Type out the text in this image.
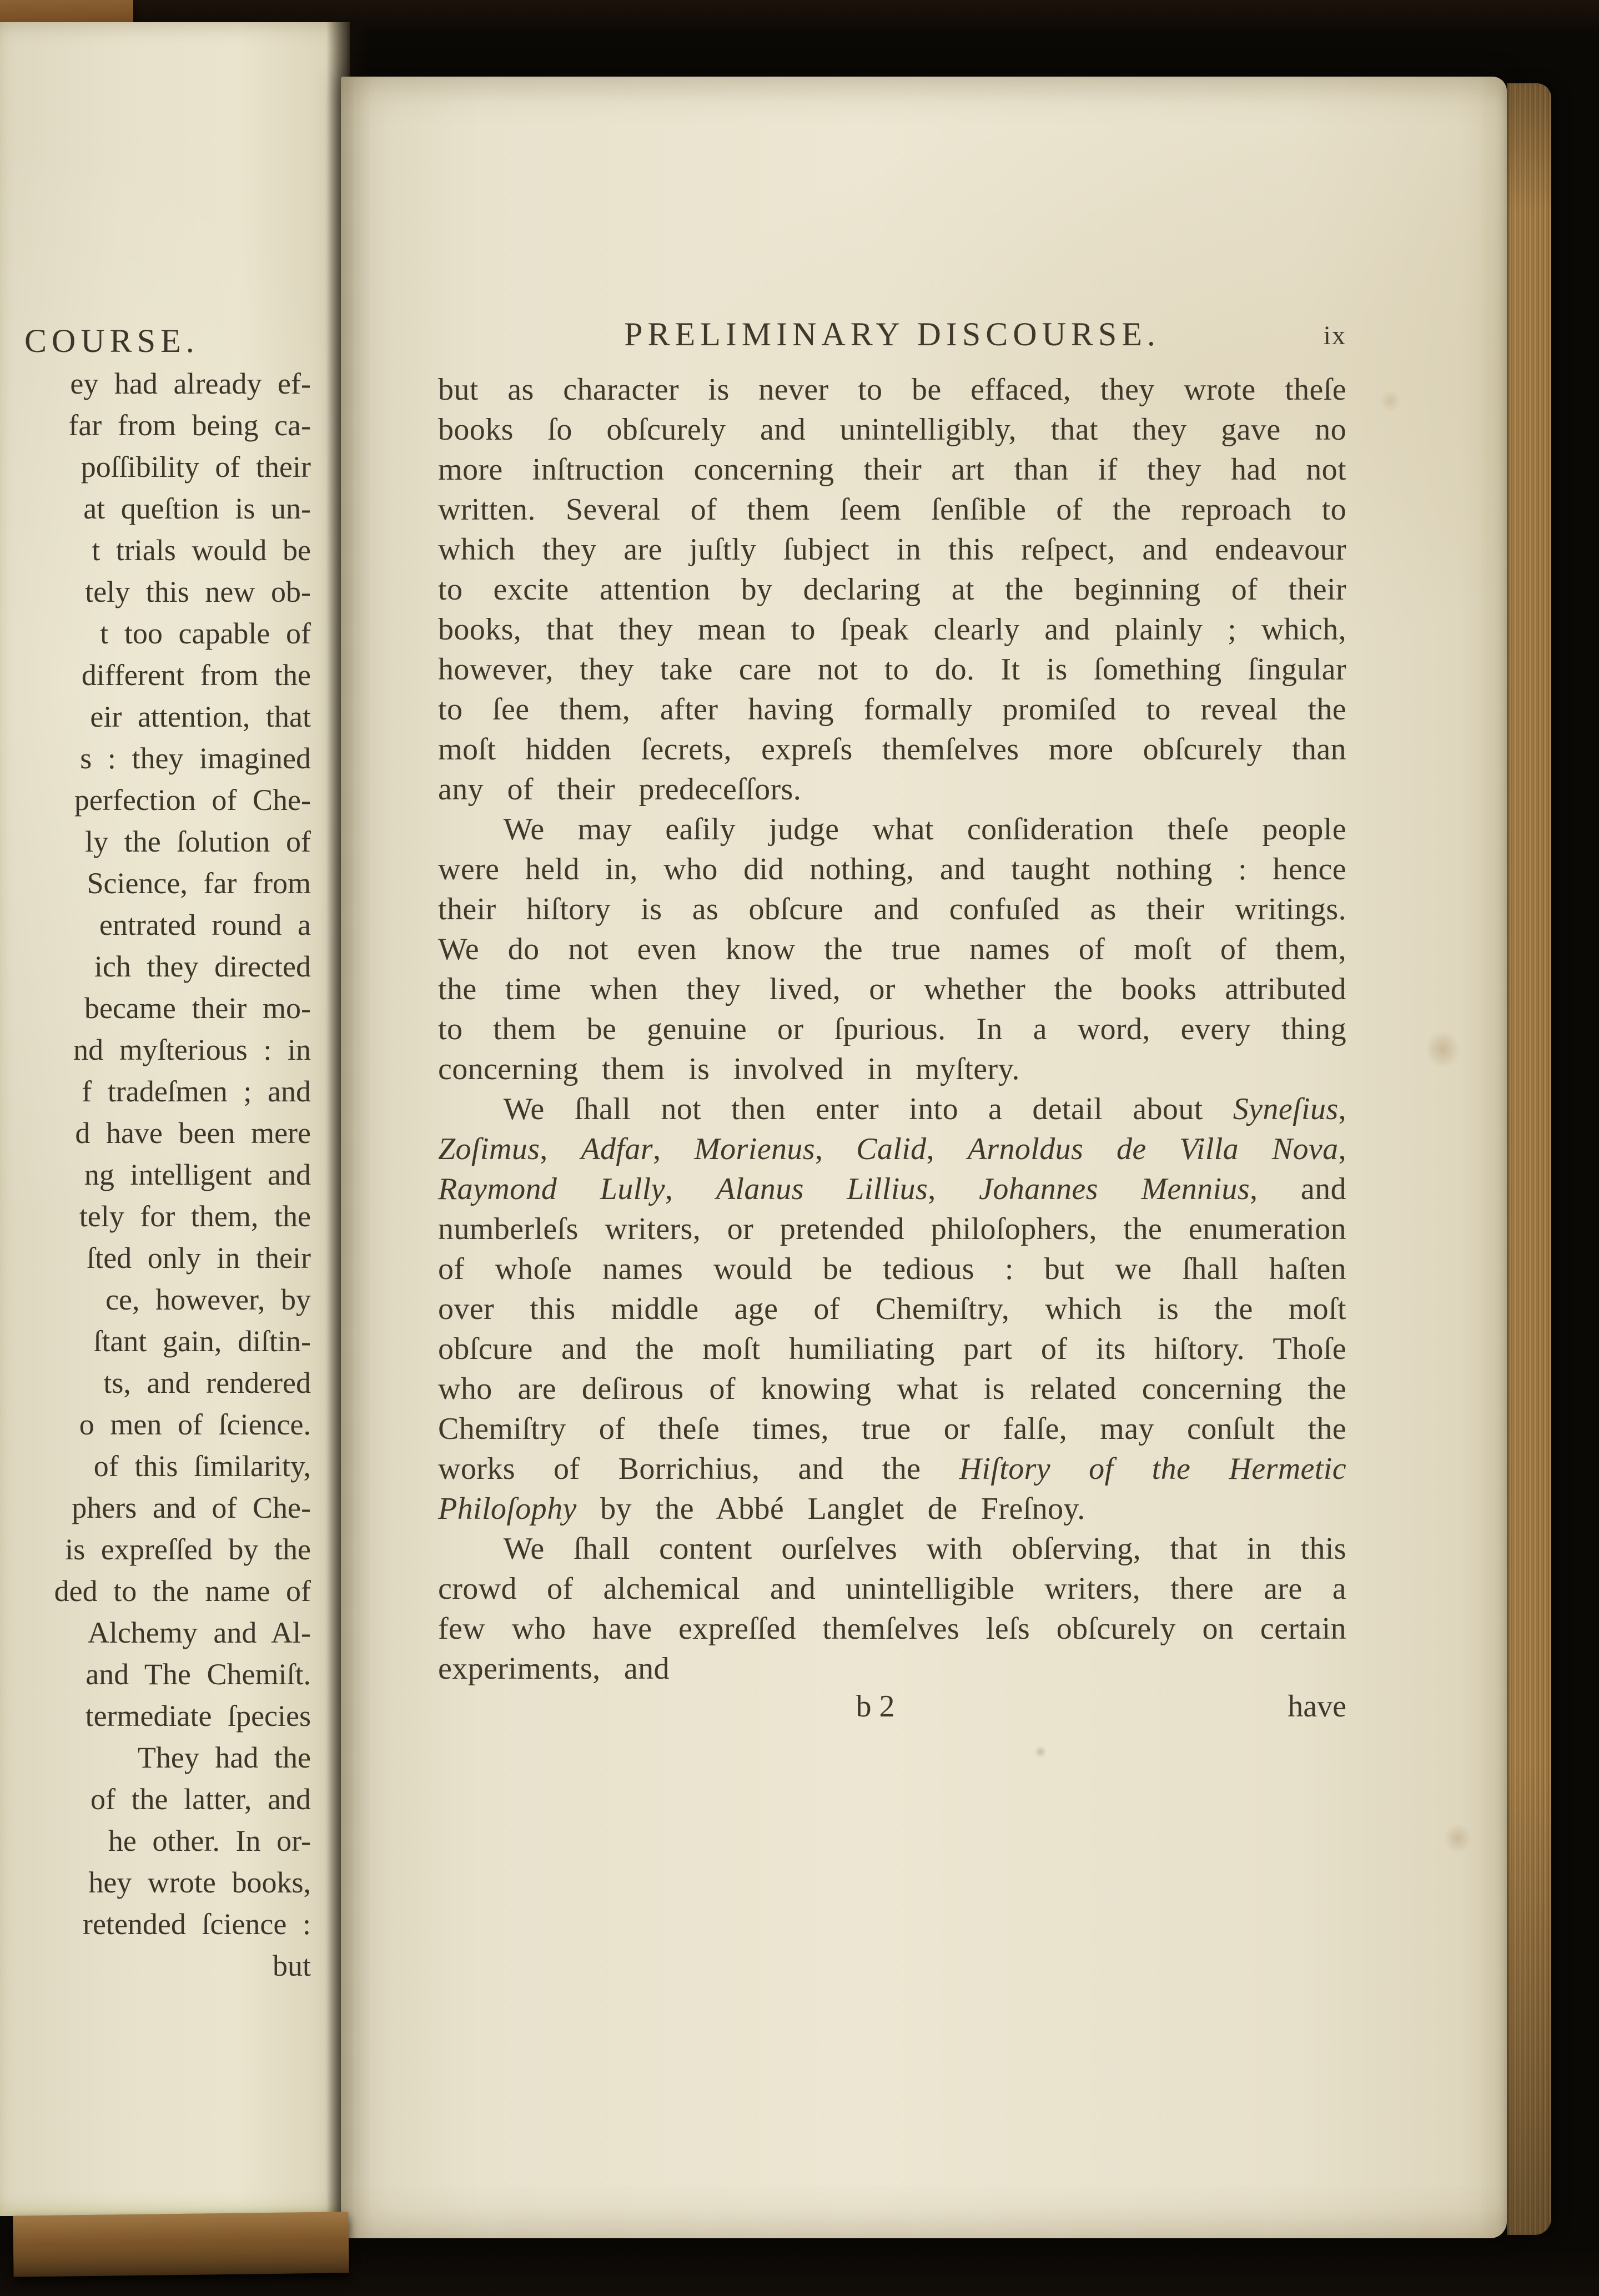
COURSE.
ey had already ef-
far from being ca-
poſſibility of their
at queſtion is un-
t trials would be
tely this new ob-
t too capable of
different from the
eir attention, that
s : they imagined
perfection of Che-
ly the ſolution of
Science, far from
entrated round a
ich they directed
became their mo-
nd myſterious : in
f tradeſmen ; and
d have been mere
ng intelligent and
tely for them, the
ſted only in their
ce, however, by
ſtant gain, diſtin-
ts, and rendered
o men of ſcience.
of this ſimilarity,
phers and of Che-
is expreſſed by the
ded to the name of
Alchemy and Al-
and The Chemiſt.
termediate ſpecies
They had the
of the latter, and
he other. In or-
hey wrote books,
retended ſcience :
but
PRELIMINARY DISCOURSE.	ix

but as character is never to be effaced, they wrote theſe books ſo obſcurely and unintelligibly, that they gave no more inſtruction concerning their art than if they had not written. Several of them ſeem ſenſible of the reproach to which they are juſtly ſubject in this reſpect, and endeavour to excite attention by declaring at the beginning of their books, that they mean to ſpeak clearly and plainly ; which, however, they take care not to do. It is ſomething ſingular to ſee them, after having formally promiſed to reveal the moſt hidden ſecrets, expreſs themſelves more obſcurely than any of their predeceſſors.

We may eaſily judge what conſideration theſe people were held in, who did nothing, and taught nothing : hence their hiſtory is as obſcure and confuſed as their writings. We do not even know the true names of moſt of them, the time when they lived, or whether the books attributed to them be genuine or ſpurious. In a word, every thing concerning them is involved in myſtery.

We ſhall not then enter into a detail about Syneſius, Zoſimus, Adfar, Morienus, Calid, Arnoldus de Villa Nova, Raymond Lully, Alanus Lillius, Johannes Mennius, and numberleſs writers, or pretended philoſophers, the enumeration of whoſe names would be tedious : but we ſhall haſten over this middle age of Chemiſtry, which is the moſt obſcure and the moſt humiliating part of its hiſtory. Thoſe who are deſirous of knowing what is related concerning the Chemiſtry of theſe times, true or falſe, may conſult the works of Borrichius, and the Hiſtory of the Hermetic Philoſophy by the Abbé Langlet de Freſnoy.

We ſhall content ourſelves with obſerving, that in this crowd of alchemical and unintelligible writers, there are a few who have expreſſed themſelves leſs obſcurely on certain experiments, and

b 2	have
